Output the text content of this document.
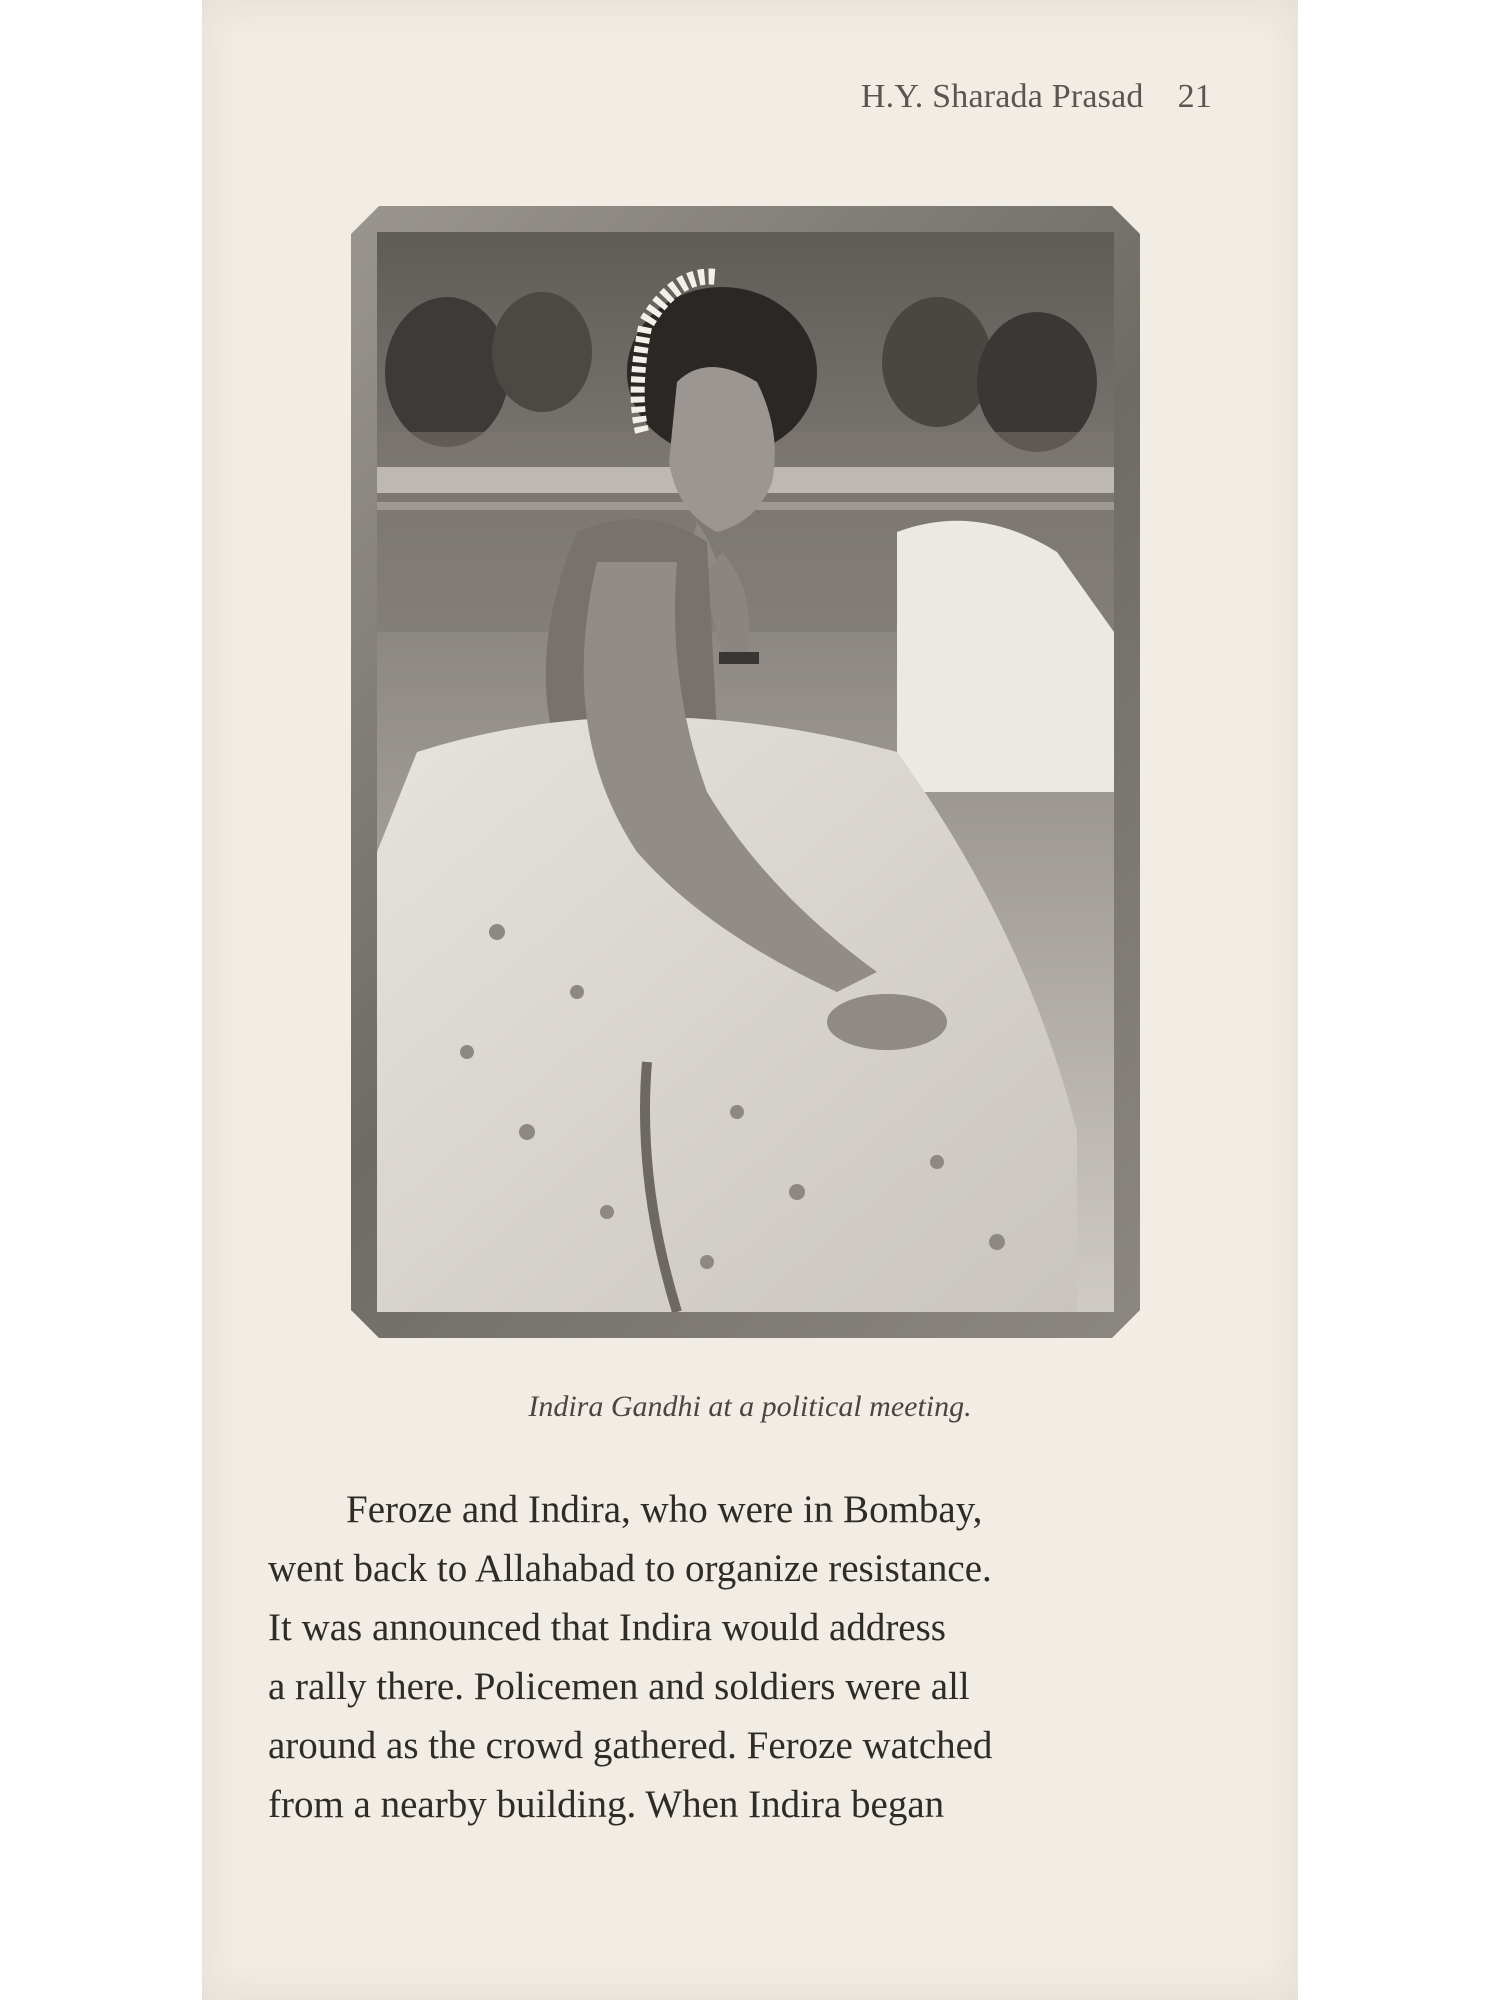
H.Y. Sharada Prasad 21
Indira Gandhi at a political meeting.
Feroze and Indira, who were in Bombay,
went back to Allahabad to organize resistance.
It was announced that Indira would address
a rally there. Policemen and soldiers were all
around as the crowd gathered. Feroze watched
from a nearby building. When Indira began
